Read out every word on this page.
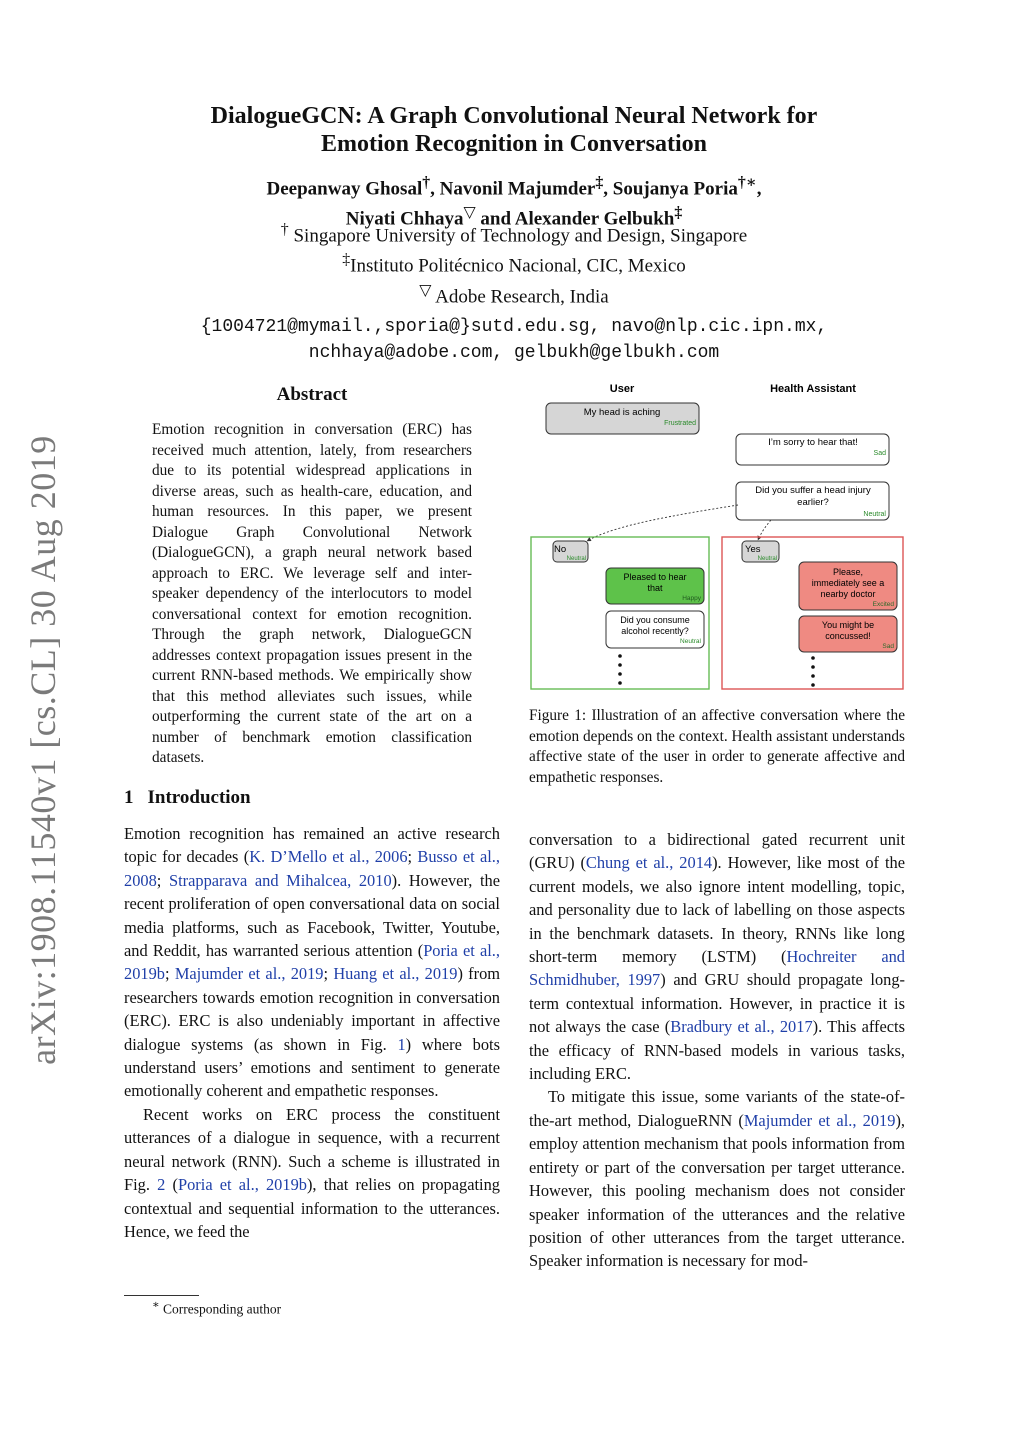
arXiv:1908.11540v1 [cs.CL] 30 Aug 2019
DialogueGCN: A Graph Convolutional Neural Network for
Emotion Recognition in Conversation
Deepanway Ghosal†, Navonil Majumder‡, Soujanya Poria†∗,
Niyati Chhaya▽ and Alexander Gelbukh‡
† Singapore University of Technology and Design, Singapore
‡Instituto Politécnico Nacional, CIC, Mexico
▽ Adobe Research, India
{1004721@mymail.,sporia@}sutd.edu.sg, navo@nlp.cic.ipn.mx,
nchhaya@adobe.com, gelbukh@gelbukh.com
Abstract
Emotion recognition in conversation (ERC) has received much attention, lately, from researchers due to its potential widespread applications in diverse areas, such as health-care, education, and human resources. In this paper, we present Dialogue Graph Convolutional Network (DialogueGCN), a graph neural network based approach to ERC. We leverage self and inter-speaker dependency of the interlocutors to model conversational context for emotion recognition. Through the graph network, DialogueGCN addresses context propagation issues present in the current RNN-based methods. We empirically show that this method alleviates such issues, while outperforming the current state of the art on a number of benchmark emotion classification datasets.
1 Introduction

Emotion recognition has remained an active research topic for decades (K. D’Mello et al., 2006; Busso et al., 2008; Strapparava and Mihalcea, 2010). However, the recent proliferation of open conversational data on social media platforms, such as Facebook, Twitter, Youtube, and Reddit, has warranted serious attention (Poria et al., 2019b; Majumder et al., 2019; Huang et al., 2019) from researchers towards emotion recognition in conversation (ERC). ERC is also undeniably important in affective dialogue systems (as shown in Fig. 1) where bots understand users’ emotions and sentiment to generate emotionally coherent and empathetic responses.

Recent works on ERC process the constituent utterances of a dialogue in sequence, with a recurrent neural network (RNN). Such a scheme is illustrated in Fig. 2 (Poria et al., 2019b), that relies on propagating contextual and sequential information to the utterances. Hence, we feed the

∗ Corresponding author

conversation to a bidirectional gated recurrent unit (GRU) (Chung et al., 2014). However, like most of the current models, we also ignore intent modelling, topic, and personality due to lack of labelling on those aspects in the benchmark datasets. In theory, RNNs like long short-term memory (LSTM) (Hochreiter and Schmidhuber, 1997) and GRU should propagate long-term contextual information. However, in practice it is not always the case (Bradbury et al., 2017). This affects the efficacy of RNN-based models in various tasks, including ERC.

To mitigate this issue, some variants of the state-of-the-art method, DialogueRNN (Majumder et al., 2019), employ attention mechanism that pools information from entirety or part of the conversation per target utterance. However, this pooling mechanism does not consider speaker information of the utterances and the relative position of other utterances from the target utterance. Speaker information is necessary for mod-

User	Health Assistant
My head is aching
Frustrated
I’m sorry to hear that!
Sad
Did you suffer a head injury
earlier?
Neutral
No
Neutral
Pleased to hear
that
Happy
Did you consume
alcohol recently?
Neutral
Yes
Neutral
Please,
immediately see a
nearby doctor
Excited
You might be
concussed!
Sad
Figure 1: Illustration of an affective conversation where the emotion depends on the context. Health assistant understands affective state of the user in order to generate affective and empathetic responses.
